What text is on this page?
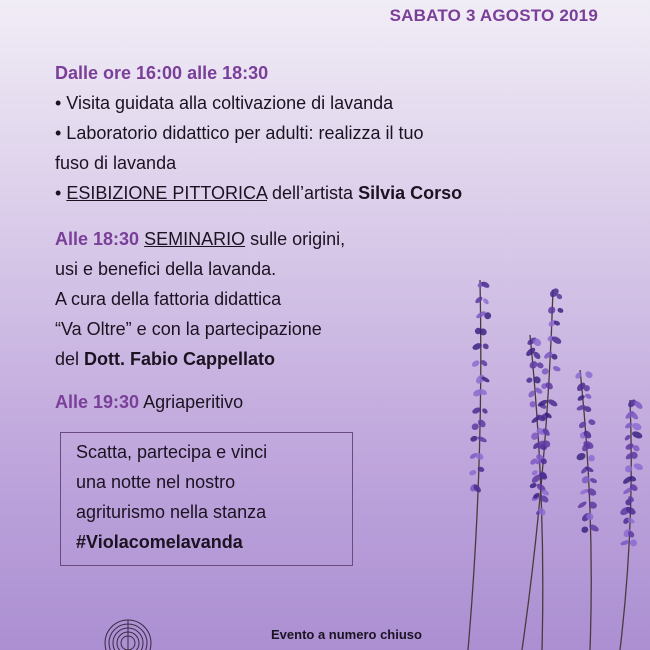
SABATO 3 AGOSTO 2019
Dalle ore 16:00 alle 18:30
• Visita guidata alla coltivazione di lavanda
• Laboratorio didattico per adulti: realizza il tuo
fuso di lavanda
• ESIBIZIONE PITTORICA dell’artista Silvia Corso
Alle 18:30 SEMINARIO sulle origini,
usi e benefici della lavanda.
A cura della fattoria didattica
“Va Oltre” e con la partecipazione
del Dott. Fabio Cappellato
Alle 19:30 Agriaperitivo
Scatta, partecipa e vinci
una notte nel nostro
agriturismo nella stanza
#Violacomelavanda
Evento a numero chiuso
